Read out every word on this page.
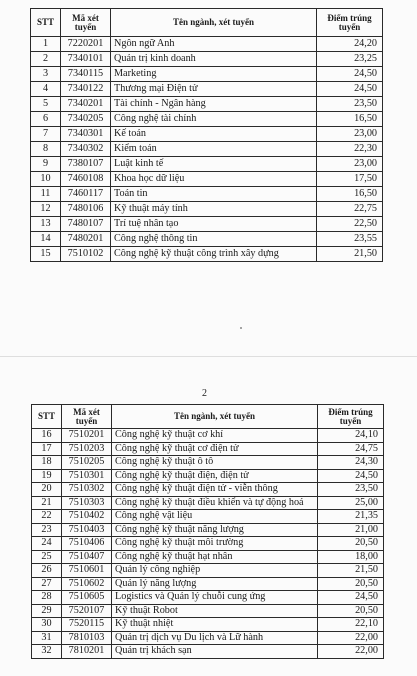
STT	Mã xét tuyển	Tên ngành, xét tuyển	Điểm trúng tuyển
1	7220201	Ngôn ngữ Anh	24,20
2	7340101	Quản trị kinh doanh	23,25
3	7340115	Marketing	24,50
4	7340122	Thương mại Điện tử	24,50
5	7340201	Tài chính - Ngân hàng	23,50
6	7340205	Công nghệ tài chính	16,50
7	7340301	Kế toán	23,00
8	7340302	Kiểm toán	22,30
9	7380107	Luật kinh tế	23,00
10	7460108	Khoa học dữ liệu	17,50
11	7460117	Toán tin	16,50
12	7480106	Kỹ thuật máy tính	22,75
13	7480107	Trí tuệ nhân tạo	22,50
14	7480201	Công nghệ thông tin	23,55
15	7510102	Công nghệ kỹ thuật công trình xây dựng	21,50
2
STT	Mã xét tuyển	Tên ngành, xét tuyển	Điểm trúng tuyển
16	7510201	Công nghệ kỹ thuật cơ khí	24,10
17	7510203	Công nghệ kỹ thuật cơ điện tử	24,75
18	7510205	Công nghệ kỹ thuật ô tô	24,30
19	7510301	Công nghệ kỹ thuật điện, điện tử	24,50
20	7510302	Công nghệ kỹ thuật điện tử - viễn thông	23,50
21	7510303	Công nghệ kỹ thuật điều khiển và tự động hoá	25,00
22	7510402	Công nghệ vật liệu	21,35
23	7510403	Công nghệ kỹ thuật năng lượng	21,00
24	7510406	Công nghệ kỹ thuật môi trường	20,50
25	7510407	Công nghệ kỹ thuật hạt nhân	18,00
26	7510601	Quản lý công nghiệp	21,50
27	7510602	Quản lý năng lượng	20,50
28	7510605	Logistics và Quản lý chuỗi cung ứng	24,50
29	7520107	Kỹ thuật Robot	20,50
30	7520115	Kỹ thuật nhiệt	22,10
31	7810103	Quản trị dịch vụ Du lịch và Lữ hành	22,00
32	7810201	Quản trị khách sạn	22,00
